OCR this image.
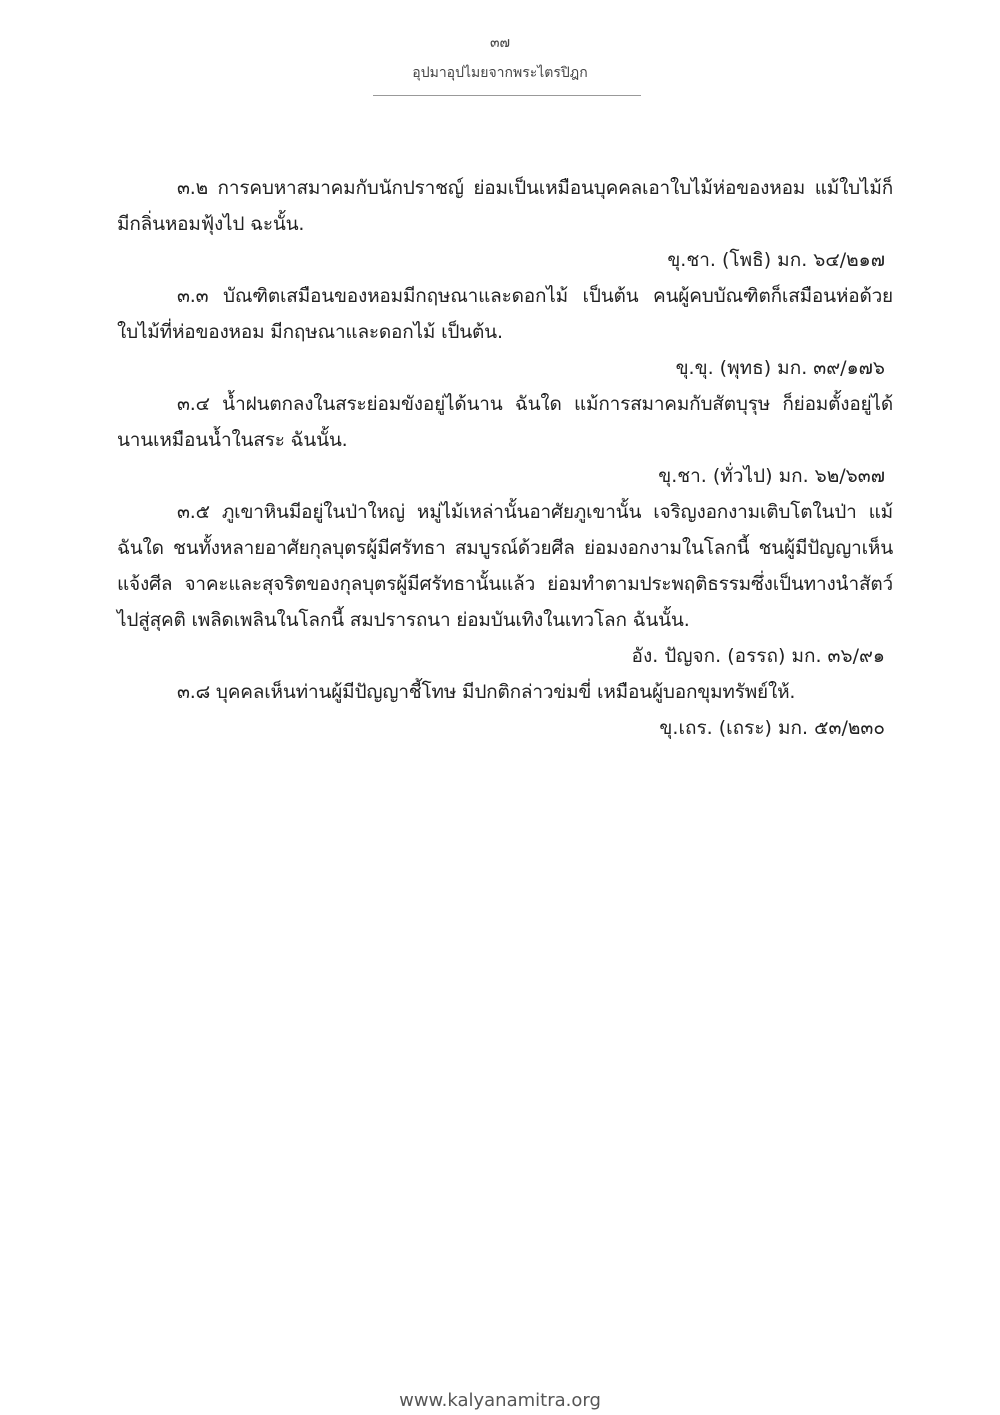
๓๗
อุปมาอุปไมยจากพระไตรปิฎก

๓.๒ การคบหาสมาคมกับนักปราชญ์ ย่อมเป็นเหมือนบุคคลเอาใบไม้ห่อของหอม แม้ใบไม้ก็มีกลิ่นหอมฟุ้งไป ฉะนั้น.

ขุ.ชา. (โพธิ) มก. ๖๔/๒๑๗

๓.๓ บัณฑิตเสมือนของหอมมีกฤษณาและดอกไม้ เป็นต้น คนผู้คบบัณฑิตก็เสมือนห่อด้วยใบไม้ที่ห่อของหอม มีกฤษณาและดอกไม้ เป็นต้น.

ขุ.ขุ. (พุทธ) มก. ๓๙/๑๗๖

๓.๔ น้ำฝนตกลงในสระย่อมขังอยู่ได้นาน ฉันใด แม้การสมาคมกับสัตบุรุษ ก็ย่อมตั้งอยู่ได้นานเหมือนน้ำในสระ ฉันนั้น.

ขุ.ชา. (ทั่วไป) มก. ๖๒/๖๓๗

๓.๕ ภูเขาหินมีอยู่ในป่าใหญ่ หมู่ไม้เหล่านั้นอาศัยภูเขานั้น เจริญงอกงามเติบโตในป่า แม้ฉันใด ชนทั้งหลายอาศัยกุลบุตรผู้มีศรัทธา สมบูรณ์ด้วยศีล ย่อมงอกงามในโลกนี้ ชนผู้มีปัญญาเห็นแจ้งศีล จาคะและสุจริตของกุลบุตรผู้มีศรัทธานั้นแล้ว ย่อมทำตามประพฤติธรรมซึ่งเป็นทางนำสัตว์ไปสู่สุคติ เพลิดเพลินในโลกนี้ สมปรารถนา ย่อมบันเทิงในเทวโลก ฉันนั้น.

อัง. ปัญจก. (อรรถ) มก. ๓๖/๙๑

๓.๘ บุคคลเห็นท่านผู้มีปัญญาชี้โทษ มีปกติกล่าวข่มขี่ เหมือนผู้บอกขุมทรัพย์ให้.

ขุ.เถร. (เถระ) มก. ๕๓/๒๓๐

www.kalyanamitra.org
